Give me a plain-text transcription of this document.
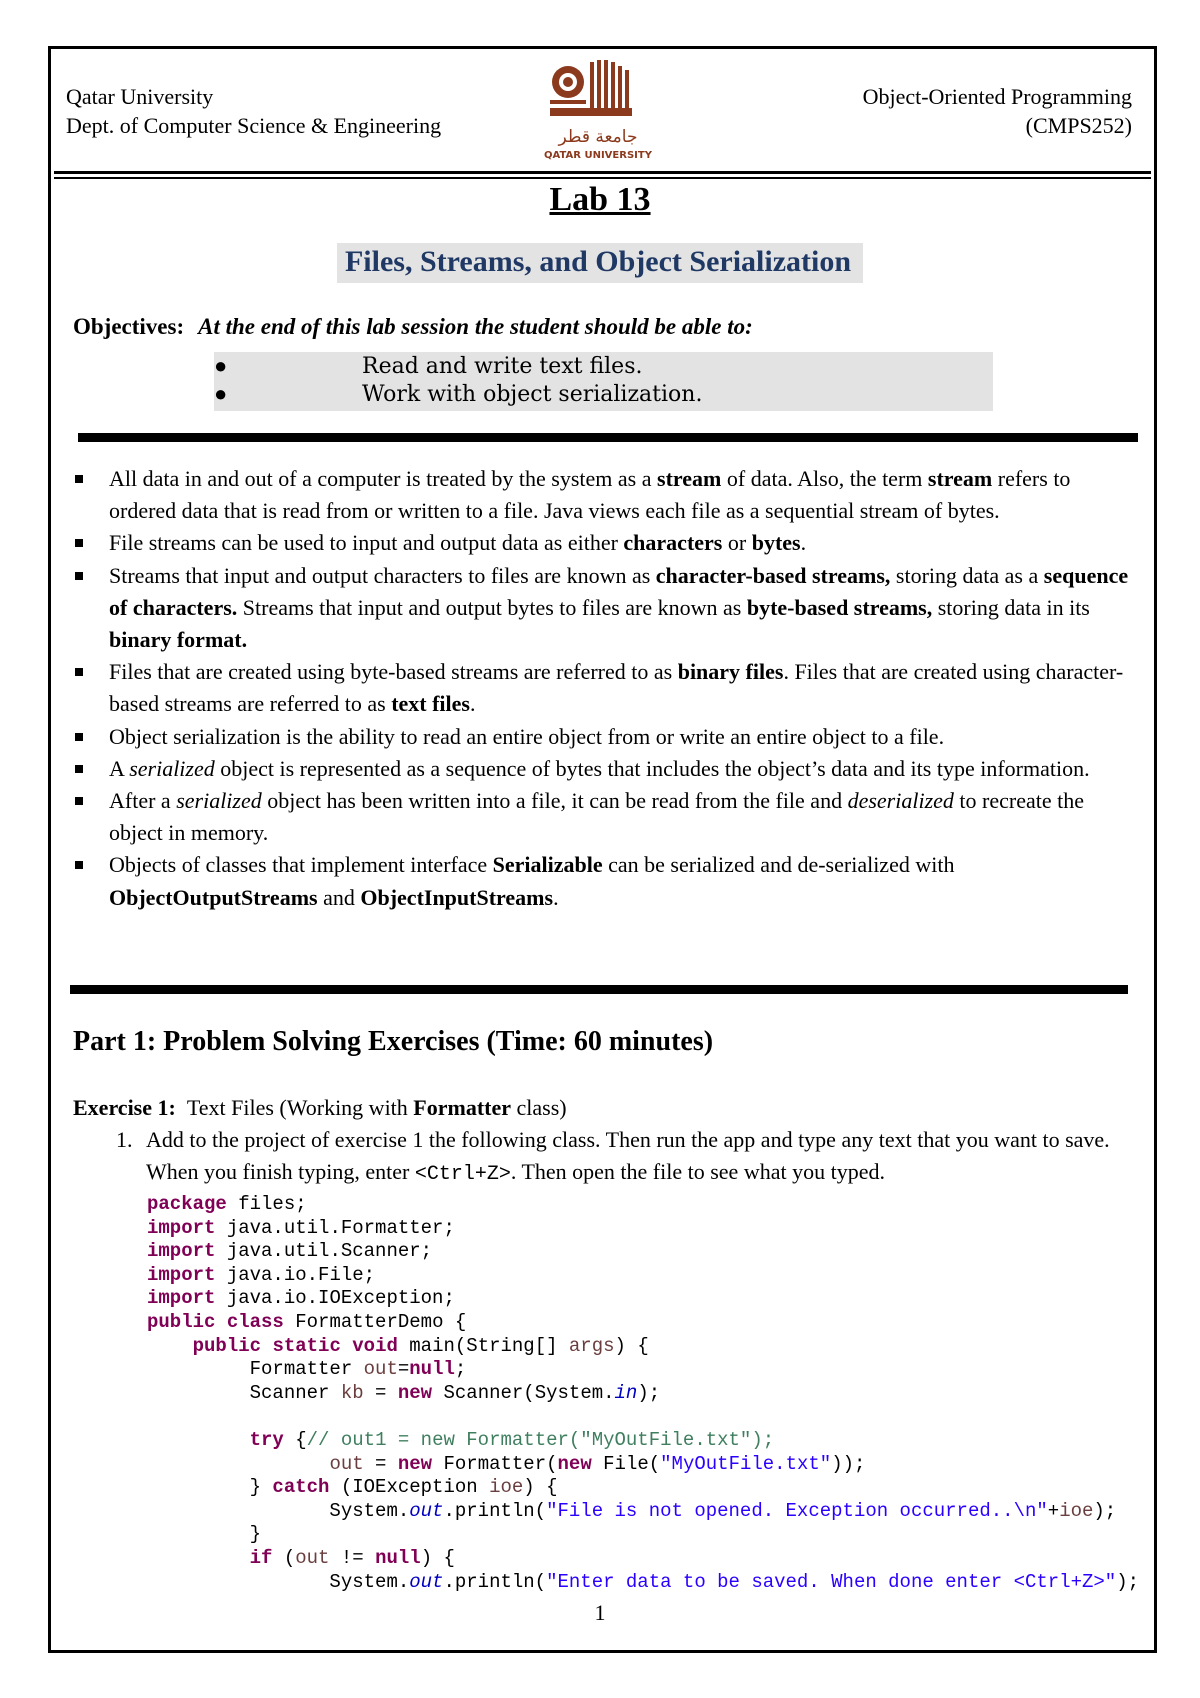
Qatar University
Dept. of Computer Science & Engineering	جامعة قطر
QATAR UNIVERSITY
Object-Oriented Programming
(CMPS252)
Lab 13
Files, Streams, and Object Serialization
Objectives: At the end of this lab session the student should be able to:
●	Read and write text files.
●	Work with object serialization.
All data in and out of a computer is treated by the system as a stream of data. Also, the term stream refers to ordered data that is read from or written to a file. Java views each file as a sequential stream of bytes.
File streams can be used to input and output data as either characters or bytes.
Streams that input and output characters to files are known as character-based streams, storing data as a sequence of characters. Streams that input and output bytes to files are known as byte-based streams, storing data in its binary format.
Files that are created using byte-based streams are referred to as binary files. Files that are created using character-based streams are referred to as text files.
Object serialization is the ability to read an entire object from or write an entire object to a file.
A serialized object is represented as a sequence of bytes that includes the object’s data and its type information.
After a serialized object has been written into a file, it can be read from the file and deserialized to recreate the object in memory.
Objects of classes that implement interface Serializable can be serialized and de-serialized with ObjectOutputStreams and ObjectInputStreams.
Part 1: Problem Solving Exercises (Time: 60 minutes)
Exercise 1: Text Files (Working with Formatter class)
1. Add to the project of exercise 1 the following class. Then run the app and type any text that you want to save. When you finish typing, enter <Ctrl+Z>. Then open the file to see what you typed.
package files;
import java.util.Formatter;
import java.util.Scanner;
import java.io.File;
import java.io.IOException;
public class FormatterDemo {
public static void main(String[] args) {
Formatter out=null;
Scanner kb = new Scanner(System.in);

try {// out1 = new Formatter("MyOutFile.txt");
out = new Formatter(new File("MyOutFile.txt"));
} catch (IOException ioe) {
System.out.println("File is not opened. Exception occurred..\n"+ioe);
}
if (out != null) {
System.out.println("Enter data to be saved. When done enter <Ctrl+Z>");
1
